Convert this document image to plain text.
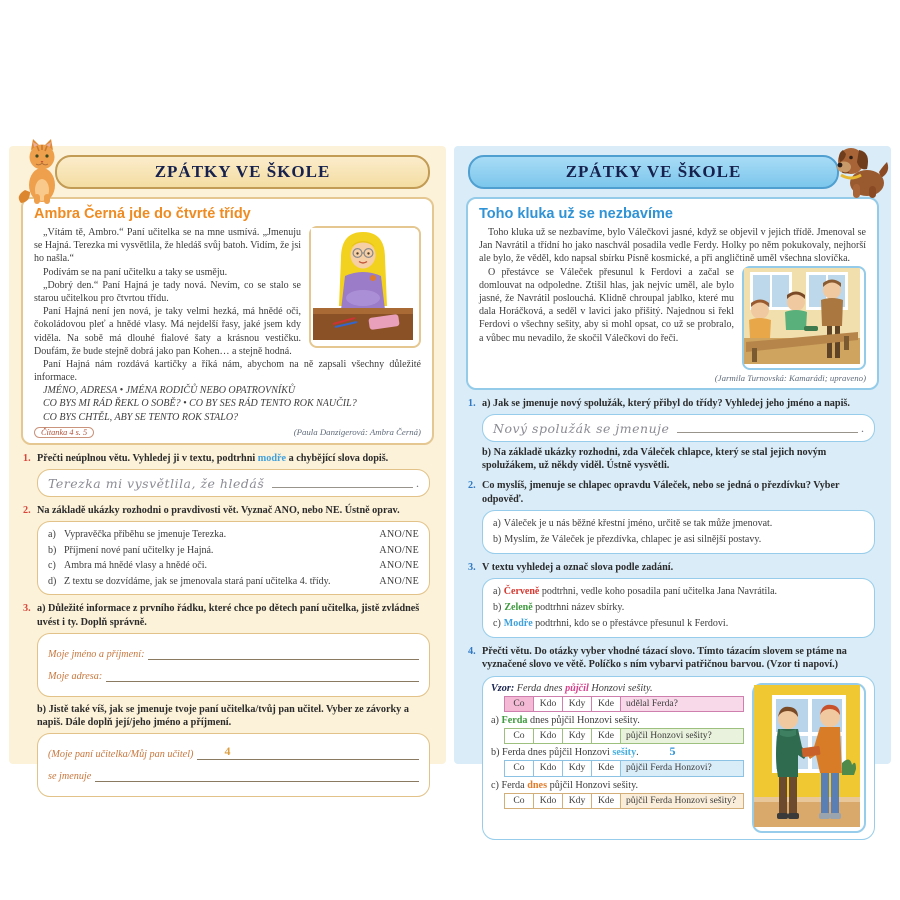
ZPÁTKY VE ŠKOLE
Ambra Černá jde do čtvrté třídy

„Vítám tě, Ambro.“ Paní učitelka se na mne usmívá. „Jmenuju se Hajná. Terezka mi vysvětlila, že hledáš svůj batoh. Vidím, že jsi ho našla.“

Podívám se na paní učitelku a taky se usměju.

„Dobrý den.“ Paní Hajná je tady nová. Nevím, co se stalo se starou učitelkou pro čtvrtou třídu.

Paní Hajná není jen nová, je taky velmi hezká, má hnědé oči, čokoládovou pleť a hnědé vlasy. Má nejdelší řasy, jaké jsem kdy viděla. Na sobě má dlouhé fialové šaty a krásnou vestičku. Doufám, že bude stejně dobrá jako pan Kohen… a stejně hodná.

Paní Hajná nám rozdává kartičky a říká nám, abychom na ně zapsali všechny důležité informace.

JMÉNO, ADRESA • JMÉNA RODIČŮ NEBO OPATROVNÍKŮ

CO BYS MI RÁD ŘEKL O SOBĚ? • CO BY SES RÁD TENTO ROK NAUČIL?

CO BYS CHTĚL, ABY SE TENTO ROK STALO?

Čítanka 4 s. 5	(Paula Danzigerová: Ambra Černá)
1. Přečti neúplnou větu. Vyhledej ji v textu, podtrhni modře a chybějící slova dopiš.
Terezka mi vysvětlila, že hledáš	.
2. Na základě ukázky rozhodni o pravdivosti vět. Vyznač ANO, nebo NE. Ústně oprav.
a) Vypravěčka příběhu se jmenuje Terezka.	ANO/NE
b) Příjmení nové paní učitelky je Hajná.	ANO/NE
c) Ambra má hnědé vlasy a hnědé oči.	ANO/NE
d) Z textu se dozvídáme, jak se jmenovala stará paní učitelka 4. třídy.	ANO/NE
3. a) Důležité informace z prvního řádku, které chce po dětech paní učitelka, jistě zvládneš uvést i ty. Doplň správně.
Moje jméno a příjmení:
Moje adresa:
b) Jistě také víš, jak se jmenuje tvoje paní učitelka/tvůj pan učitel. Vyber ze závorky a napiš. Dále doplň její/jeho jméno a příjmení.
(Moje paní učitelka/Můj pan učitel)
se jmenuje
4
ZPÁTKY VE ŠKOLE
Toho kluka už se nezbavíme

Toho kluka už se nezbavíme, bylo Válečkovi jasné, když se objevil v jejich třídě. Jmenoval se Jan Navrátil a třídní ho jako naschvál posadila vedle Ferdy. Holky po něm pokukovaly, nejhorší ale bylo, že věděl, kdo napsal sbírku Písně kosmické, a při angličtině uměl všechna slovíčka.

O přestávce se Váleček přesunul k Ferdovi a začal se domlouvat na odpoledne. Ztišil hlas, jak nejvíc uměl, ale bylo jasné, že Navrátil poslouchá. Klidně chroupal jablko, které mu dala Horáčková, a seděl v lavici jako přišitý. Najednou si řekl Ferdovi o všechny sešity, aby si mohl opsat, co už se probralo, a vůbec mu nevadilo, že skočil Válečkovi do řeči.

(Jarmila Turnovská: Kamarádi; upraveno)
1. a) Jak se jmenuje nový spolužák, který přibyl do třídy? Vyhledej jeho jméno a napiš.
Nový spolužák se jmenuje	.
b) Na základě ukázky rozhodni, zda Váleček chlapce, který se stal jejich novým spolužákem, už někdy viděl. Ústně vysvětli.
2. Co myslíš, jmenuje se chlapec opravdu Váleček, nebo se jedná o přezdívku? Vyber odpověď.
a) Váleček je u nás běžné křestní jméno, určitě se tak může jmenovat.
b) Myslím, že Váleček je přezdívka, chlapec je asi silnější postavy.
3. V textu vyhledej a označ slova podle zadání.
a) Červeně podtrhni, vedle koho posadila paní učitelka Jana Navrátila.
b) Zeleně podtrhni název sbírky.
c) Modře podtrhni, kdo se o přestávce přesunul k Ferdovi.
4. Přečti větu. Do otázky vyber vhodné tázací slovo. Tímto tázacím slovem se ptáme na vyznačené slovo ve větě. Políčko s ním vybarvi patřičnou barvou. (Vzor ti napoví.)
Vzor: Ferda dnes půjčil Honzovi sešity.
Co	Kdo	Kdy	Kde	udělal Ferda?
a) Ferda dnes půjčil Honzovi sešity.
Co	Kdo	Kdy	Kde	půjčil Honzovi sešity?
b) Ferda dnes půjčil Honzovi sešity.
Co	Kdo	Kdy	Kde	půjčil Ferda Honzovi?
c) Ferda dnes půjčil Honzovi sešity.
Co	Kdo	Kdy	Kde	půjčil Ferda Honzovi sešity?
5
